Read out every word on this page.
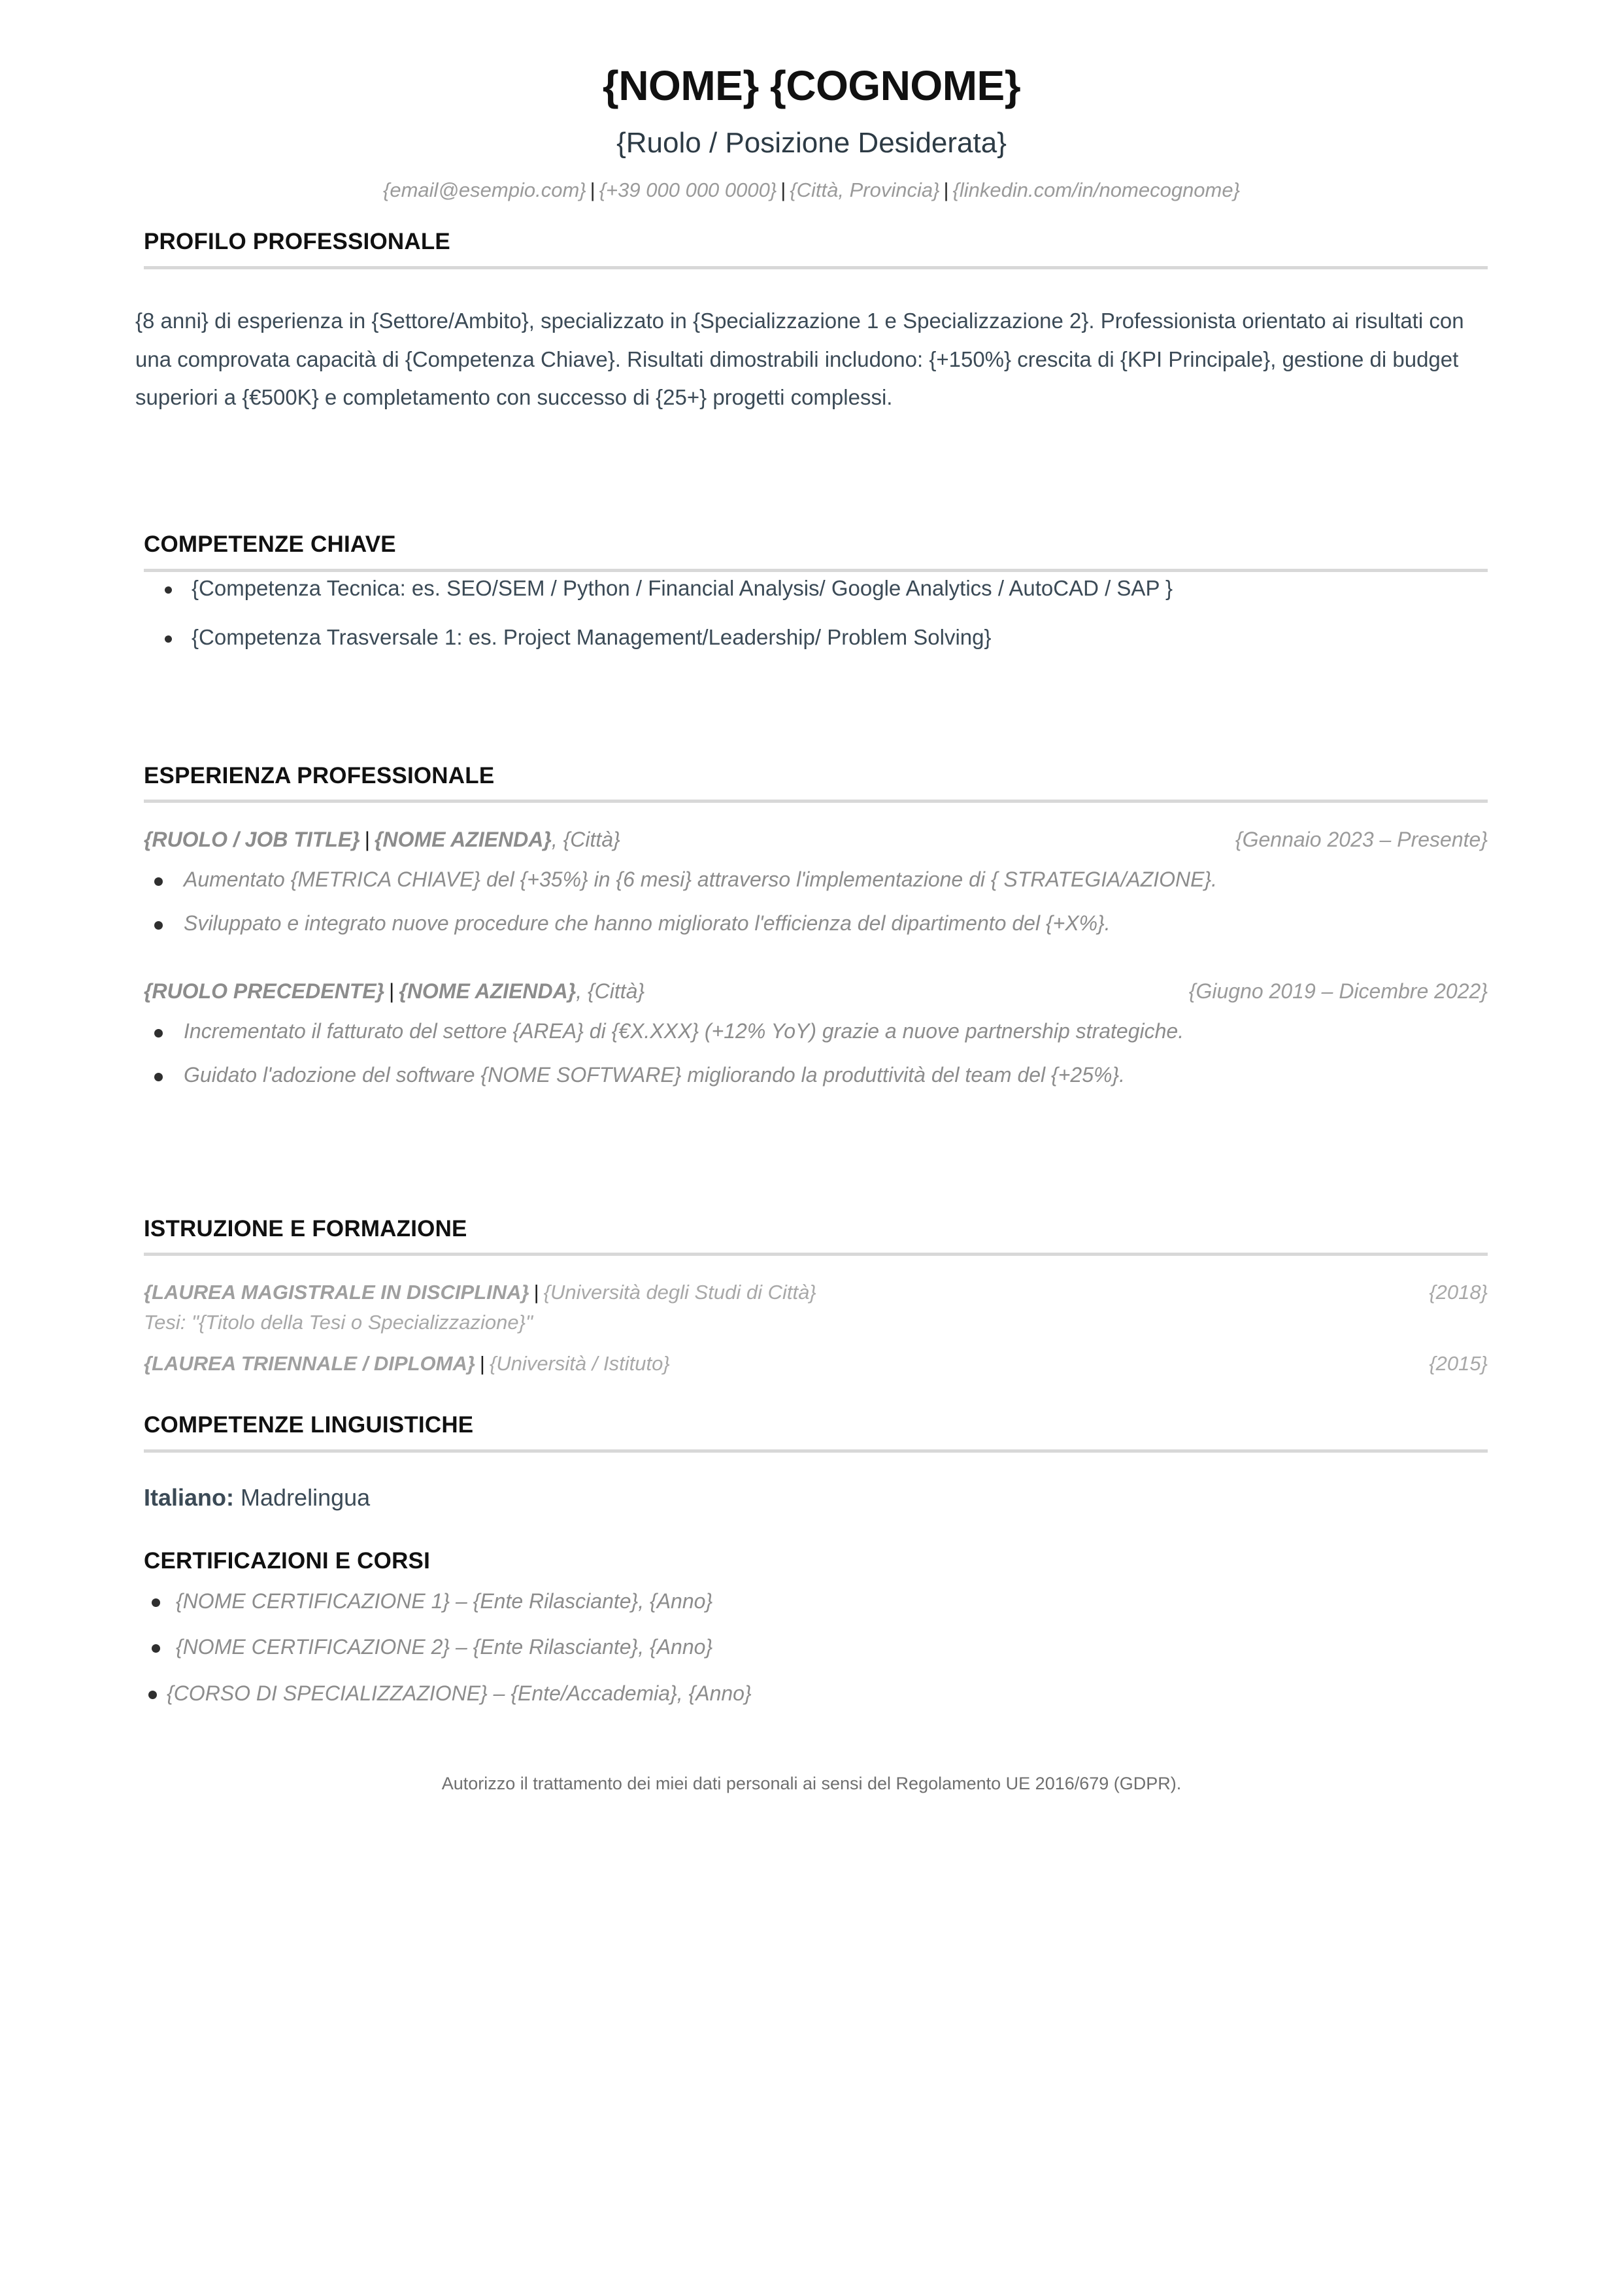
{NOME} {COGNOME}
{Ruolo / Posizione Desiderata}
{email@esempio.com} | {+39 000 000 0000} | {Città, Provincia} | {linkedin.com/in/nomecognome}
PROFILO PROFESSIONALE

{8 anni} di esperienza in {Settore/Ambito}, specializzato in {Specializzazione 1 e Specializzazione 2}. Professionista orientato ai risultati con una comprovata capacità di {Competenza Chiave}. Risultati dimostrabili includono: {+150%} crescita di {KPI Principale}, gestione di budget superiori a {€500K} e completamento con successo di {25+} progetti complessi.

COMPETENZE CHIAVE
{Competenza Tecnica: es. SEO/SEM / Python / Financial Analysis/ Google Analytics / AutoCAD / SAP }
{Competenza Trasversale 1: es. Project Management/Leadership/ Problem Solving}
ESPERIENZA PROFESSIONALE
{RUOLO / JOB TITLE} | {NOME AZIENDA}, {Città}	{Gennaio 2023 – Presente}
Aumentato {METRICA CHIAVE} del {+35%} in {6 mesi} attraverso l'implementazione di { STRATEGIA/AZIONE}.
Sviluppato e integrato nuove procedure che hanno migliorato l'efficienza del dipartimento del {+X%}.
{RUOLO PRECEDENTE} | {NOME AZIENDA}, {Città}	{Giugno 2019 – Dicembre 2022}
Incrementato il fatturato del settore {AREA} di {€X.XXX} (+12% YoY) grazie a nuove partnership strategiche.
Guidato l'adozione del software {NOME SOFTWARE} migliorando la produttività del team del {+25%}.
ISTRUZIONE E FORMAZIONE
{LAUREA MAGISTRALE IN DISCIPLINA} | {Università degli Studi di Città}	{2018}
Tesi: "{Titolo della Tesi o Specializzazione}"
{LAUREA TRIENNALE / DIPLOMA} | {Università / Istituto}	{2015}
COMPETENZE LINGUISTICHE
Italiano: Madrelingua
CERTIFICAZIONI E CORSI
{NOME CERTIFICAZIONE 1} – {Ente Rilasciante}, {Anno}
{NOME CERTIFICAZIONE 2} – {Ente Rilasciante}, {Anno}
{CORSO DI SPECIALIZZAZIONE} – {Ente/Accademia}, {Anno}
Autorizzo il trattamento dei miei dati personali ai sensi del Regolamento UE 2016/679 (GDPR).
